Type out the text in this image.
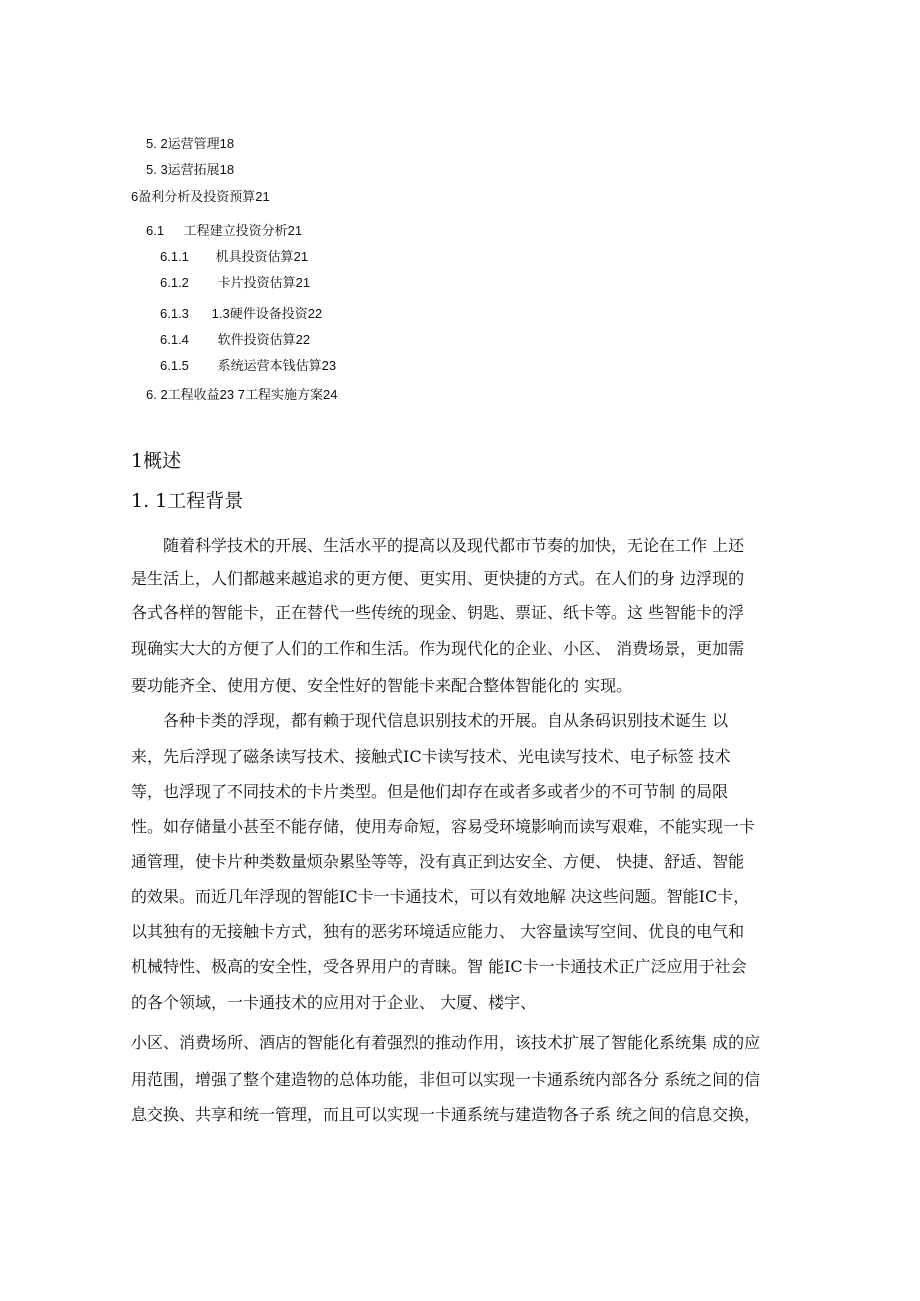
5. 2运营管理18
5. 3运营拓展18
6盈利分析及投资预算21
6.1 工程建立投资分析21
6.1.1 机具投资估算21
6.1.2 卡片投资估算21
6.1.3 1.3硬件设备投资22
6.1.4 软件投资估算22
6.1.5 系统运营本钱估算23
6. 2工程收益23 7工程实施方案24
1概述
1. 1工程背景
随着科学技术的开展、生活水平的提高以及现代都市节奏的加快，无论在工作 上还
是生活上，人们都越来越追求的更方便、更实用、更快捷的方式。在人们的身 边浮现的
各式各样的智能卡，正在替代一些传统的现金、钥匙、票证、纸卡等。这 些智能卡的浮
现确实大大的方便了人们的工作和生活。作为现代化的企业、小区、 消费场景，更加需
要功能齐全、使用方便、安全性好的智能卡来配合整体智能化的 实现。
各种卡类的浮现，都有赖于现代信息识别技术的开展。自从条码识别技术诞生 以
来，先后浮现了磁条读写技术、接触式IC卡读写技术、光电读写技术、电子标签 技术
等，也浮现了不同技术的卡片类型。但是他们却存在或者多或者少的不可节制 的局限
性。如存储量小甚至不能存储，使用寿命短，容易受环境影响而读写艰难，不能实现一卡
通管理，使卡片种类数量烦杂累坠等等，没有真正到达安全、方便、 快捷、舒适、智能
的效果。而近几年浮现的智能IC卡一卡通技术，可以有效地解 决这些问题。智能IC卡，
以其独有的无接触卡方式，独有的恶劣环境适应能力、 大容量读写空间、优良的电气和
机械特性、极高的安全性，受各界用户的青睐。智 能IC卡一卡通技术正广泛应用于社会
的各个领域，一卡通技术的应用对于企业、 大厦、楼宇、
小区、消费场所、酒店的智能化有着强烈的推动作用，该技术扩展了智能化系统集 成的应
用范围，增强了整个建造物的总体功能，非但可以实现一卡通系统内部各分 系统之间的信
息交换、共享和统一管理，而且可以实现一卡通系统与建造物各子系 统之间的信息交换，
